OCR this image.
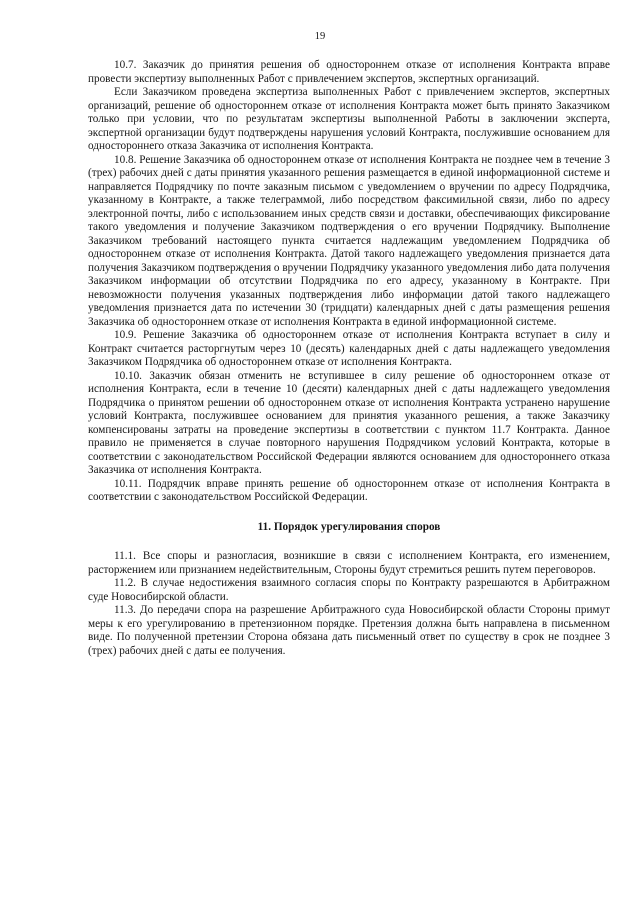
19

10.7. Заказчик до принятия решения об одностороннем отказе от исполнения Контракта вправе провести экспертизу выполненных Работ с привлечением экспертов, экспертных организаций.

Если Заказчиком проведена экспертиза выполненных Работ с привлечением экспертов, экспертных организаций, решение об одностороннем отказе от исполнения Контракта может быть принято Заказчиком только при условии, что по результатам экспертизы выполненной Работы в заключении эксперта, экспертной организации будут подтверждены нарушения условий Контракта, послужившие основанием для одностороннего отказа Заказчика от исполнения Контракта.

10.8. Решение Заказчика об одностороннем отказе от исполнения Контракта не позднее чем в течение 3 (трех) рабочих дней с даты принятия указанного решения размещается в единой информационной системе и направляется Подрядчику по почте заказным письмом с уведомлением о вручении по адресу Подрядчика, указанному в Контракте, а также телеграммой, либо посредством факсимильной связи, либо по адресу электронной почты, либо с использованием иных средств связи и доставки, обеспечивающих фиксирование такого уведомления и получение Заказчиком подтверждения о его вручении Подрядчику. Выполнение Заказчиком требований настоящего пункта считается надлежащим уведомлением Подрядчика об одностороннем отказе от исполнения Контракта. Датой такого надлежащего уведомления признается дата получения Заказчиком подтверждения о вручении Подрядчику указанного уведомления либо дата получения Заказчиком информации об отсутствии Подрядчика по его адресу, указанному в Контракте. При невозможности получения указанных подтверждения либо информации датой такого надлежащего уведомления признается дата по истечении 30 (тридцати) календарных дней с даты размещения решения Заказчика об одностороннем отказе от исполнения Контракта в единой информационной системе.

10.9. Решение Заказчика об одностороннем отказе от исполнения Контракта вступает в силу и Контракт считается расторгнутым через 10 (десять) календарных дней с даты надлежащего уведомления Заказчиком Подрядчика об одностороннем отказе от исполнения Контракта.

10.10. Заказчик обязан отменить не вступившее в силу решение об одностороннем отказе от исполнения Контракта, если в течение 10 (десяти) календарных дней с даты надлежащего уведомления Подрядчика о принятом решении об одностороннем отказе от исполнения Контракта устранено нарушение условий Контракта, послужившее основанием для принятия указанного решения, а также Заказчику компенсированы затраты на проведение экспертизы в соответствии с пунктом 11.7 Контракта. Данное правило не применяется в случае повторного нарушения Подрядчиком условий Контракта, которые в соответствии с законодательством Российской Федерации являются основанием для одностороннего отказа Заказчика от исполнения Контракта.

10.11. Подрядчик вправе принять решение об одностороннем отказе от исполнения Контракта в соответствии с законодательством Российской Федерации.

11. Порядок урегулирования споров

11.1. Все споры и разногласия, возникшие в связи с исполнением Контракта, его изменением, расторжением или признанием недействительным, Стороны будут стремиться решить путем переговоров.

11.2. В случае недостижения взаимного согласия споры по Контракту разрешаются в Арбитражном суде Новосибирской области.

11.3. До передачи спора на разрешение Арбитражного суда Новосибирской области Стороны примут меры к его урегулированию в претензионном порядке. Претензия должна быть направлена в письменном виде. По полученной претензии Сторона обязана дать письменный ответ по существу в срок не позднее 3 (трех) рабочих дней с даты ее получения.
